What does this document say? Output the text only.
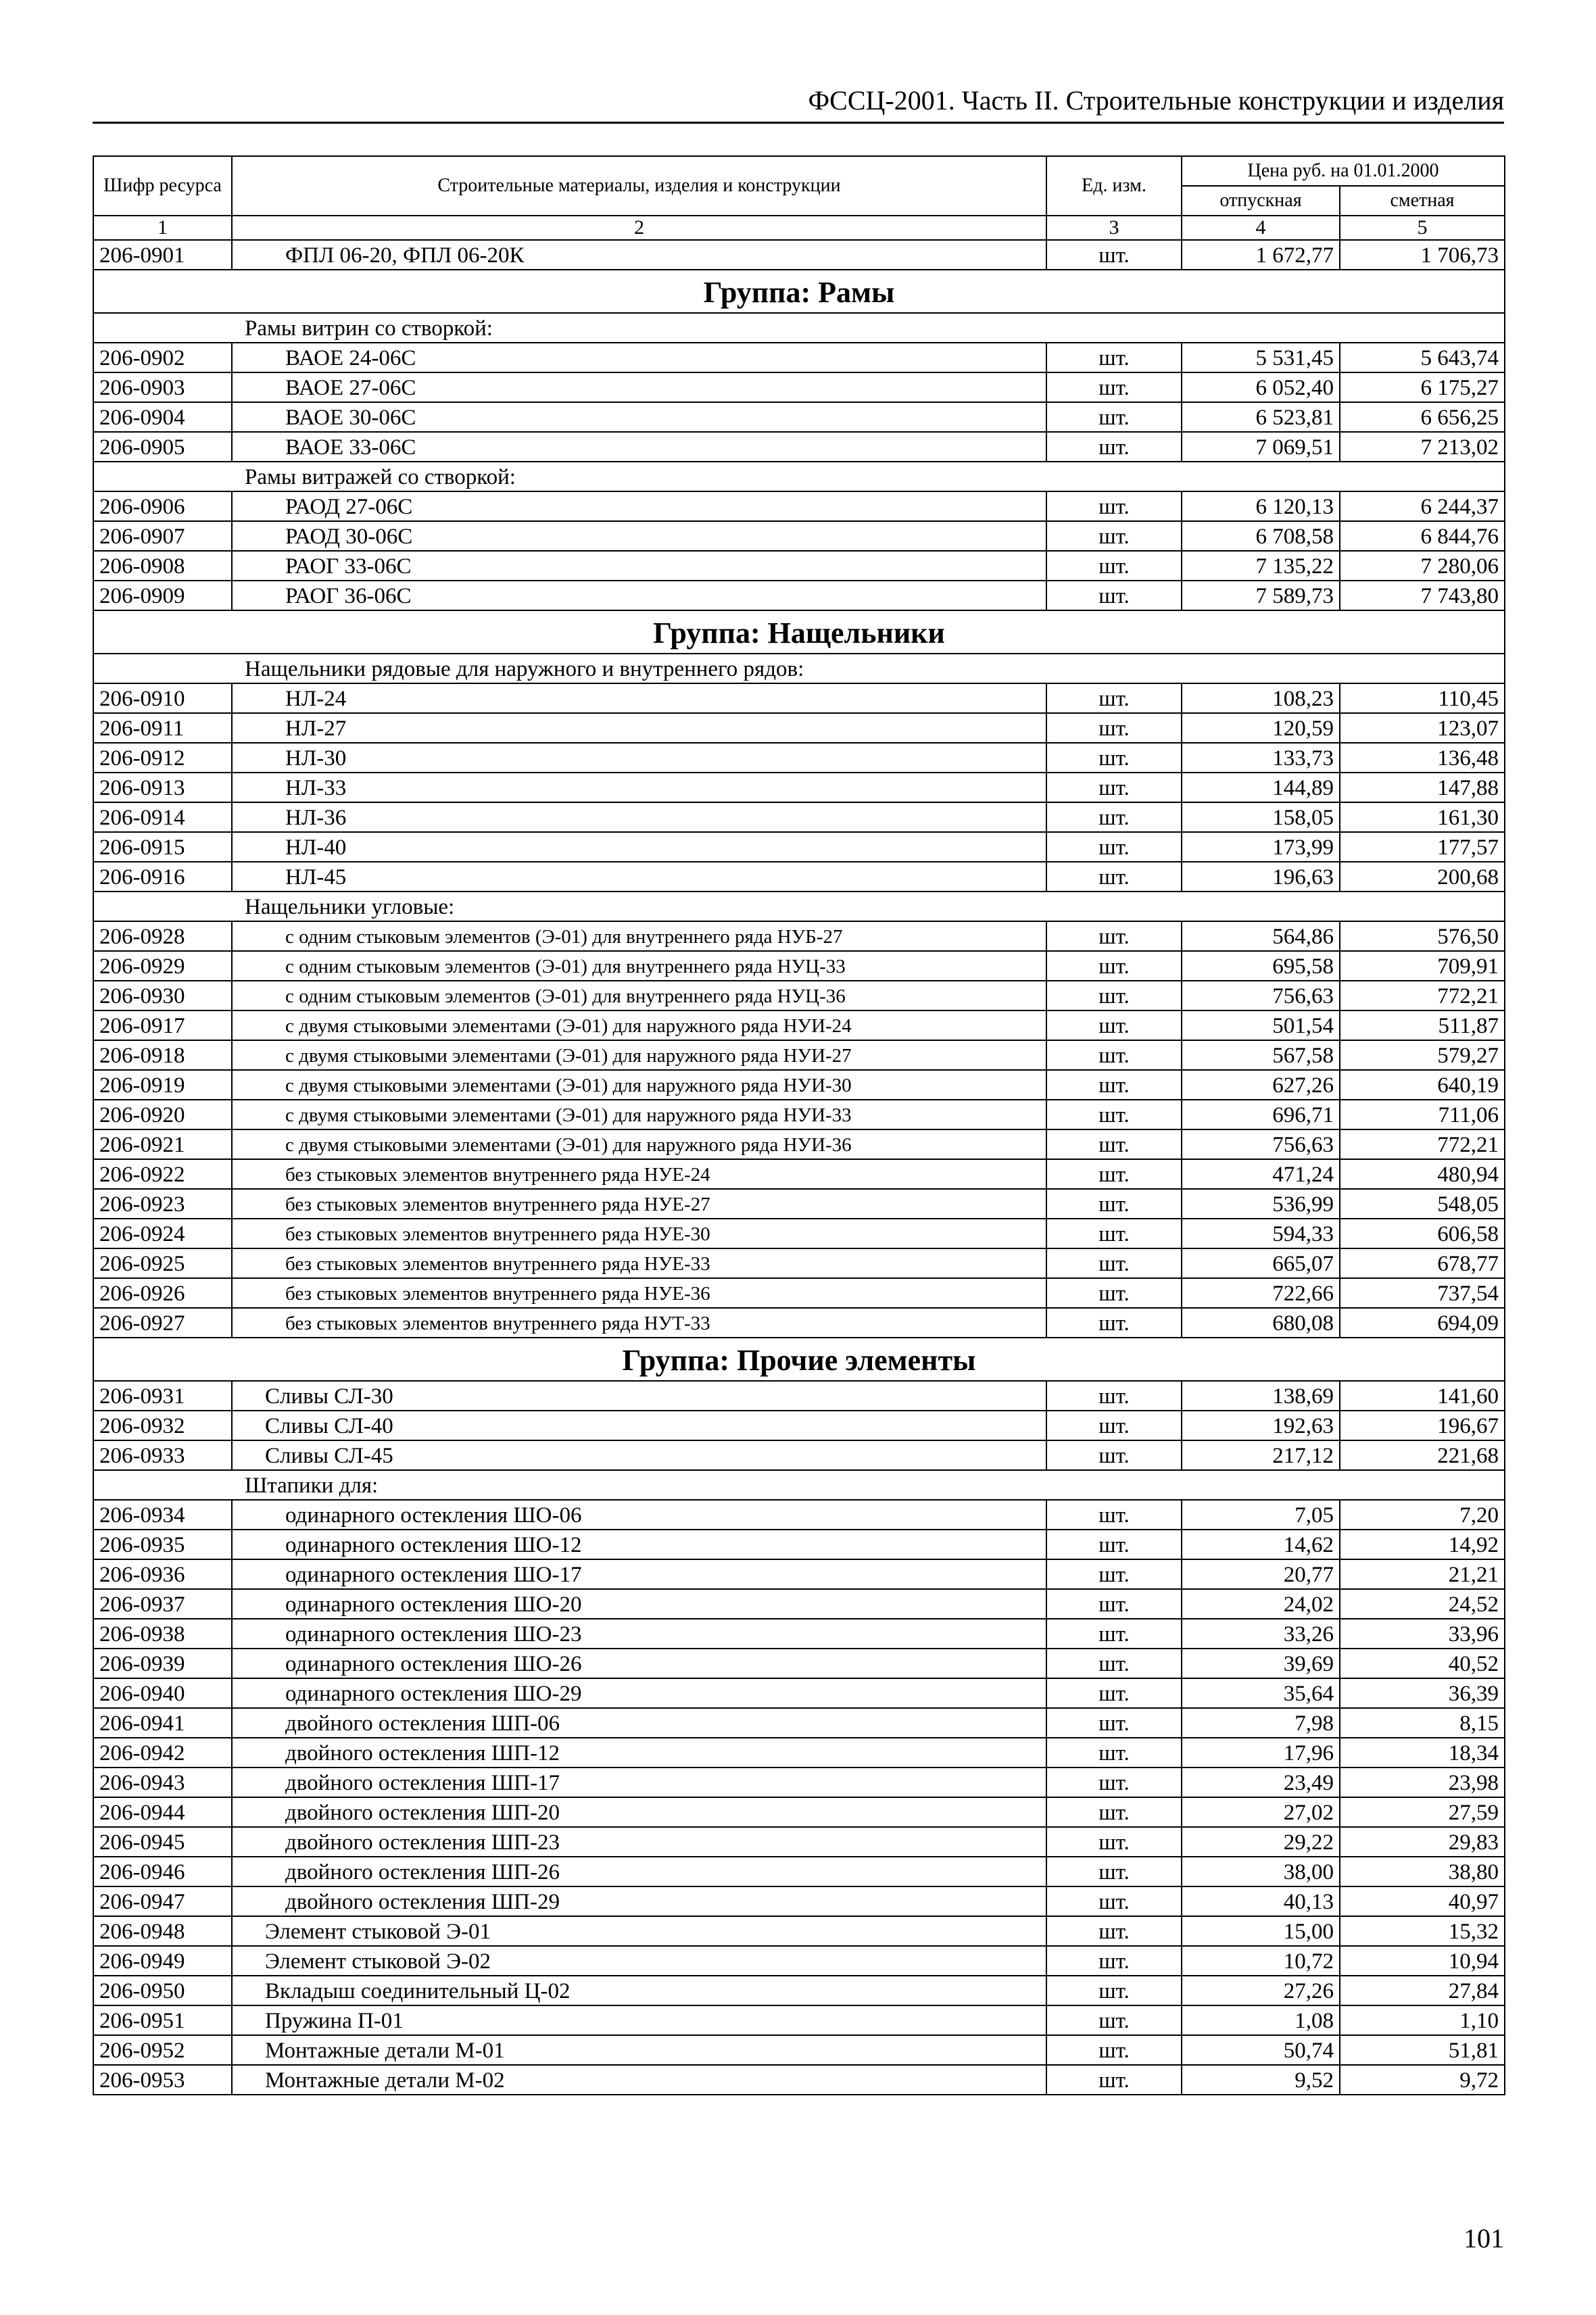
ФССЦ-2001. Часть II. Строительные конструкции и изделия
Шифр ресурса	Строительные материалы, изделия и конструкции	Ед. изм.	Цена руб. на 01.01.2000	
			отпускная	сметная
1	2	3	4	5
206-0901	ФПЛ 06-20, ФПЛ 06-20К	шт.	1 672,77	1 706,73
Группа: Рамы				
Рамы витрин со створкой:				
206-0902	ВАОЕ 24-06С	шт.	5 531,45	5 643,74
206-0903	ВАОЕ 27-06С	шт.	6 052,40	6 175,27
206-0904	ВАОЕ 30-06С	шт.	6 523,81	6 656,25
206-0905	ВАОЕ 33-06С	шт.	7 069,51	7 213,02
Рамы витражей со створкой:				
206-0906	РАОД 27-06С	шт.	6 120,13	6 244,37
206-0907	РАОД 30-06С	шт.	6 708,58	6 844,76
206-0908	РАОГ 33-06С	шт.	7 135,22	7 280,06
206-0909	РАОГ 36-06С	шт.	7 589,73	7 743,80
Группа: Нащельники				
Нащельники рядовые для наружного и внутреннего рядов:				
206-0910	НЛ-24	шт.	108,23	110,45
206-0911	НЛ-27	шт.	120,59	123,07
206-0912	НЛ-30	шт.	133,73	136,48
206-0913	НЛ-33	шт.	144,89	147,88
206-0914	НЛ-36	шт.	158,05	161,30
206-0915	НЛ-40	шт.	173,99	177,57
206-0916	НЛ-45	шт.	196,63	200,68
Нащельники угловые:				
206-0928	с одним стыковым элементов (Э-01) для внутреннего ряда НУБ-27	шт.	564,86	576,50
206-0929	с одним стыковым элементов (Э-01) для внутреннего ряда НУЦ-33	шт.	695,58	709,91
206-0930	с одним стыковым элементов (Э-01) для внутреннего ряда НУЦ-36	шт.	756,63	772,21
206-0917	с двумя стыковыми элементами (Э-01) для наружного ряда НУИ-24	шт.	501,54	511,87
206-0918	с двумя стыковыми элементами (Э-01) для наружного ряда НУИ-27	шт.	567,58	579,27
206-0919	с двумя стыковыми элементами (Э-01) для наружного ряда НУИ-30	шт.	627,26	640,19
206-0920	с двумя стыковыми элементами (Э-01) для наружного ряда НУИ-33	шт.	696,71	711,06
206-0921	с двумя стыковыми элементами (Э-01) для наружного ряда НУИ-36	шт.	756,63	772,21
206-0922	без стыковых элементов внутреннего ряда НУЕ-24	шт.	471,24	480,94
206-0923	без стыковых элементов внутреннего ряда НУЕ-27	шт.	536,99	548,05
206-0924	без стыковых элементов внутреннего ряда НУЕ-30	шт.	594,33	606,58
206-0925	без стыковых элементов внутреннего ряда НУЕ-33	шт.	665,07	678,77
206-0926	без стыковых элементов внутреннего ряда НУЕ-36	шт.	722,66	737,54
206-0927	без стыковых элементов внутреннего ряда НУТ-33	шт.	680,08	694,09
Группа: Прочие элементы				
206-0931	Сливы СЛ-30	шт.	138,69	141,60
206-0932	Сливы СЛ-40	шт.	192,63	196,67
206-0933	Сливы СЛ-45	шт.	217,12	221,68
Штапики для:				
206-0934	одинарного остекления ШО-06	шт.	7,05	7,20
206-0935	одинарного остекления ШО-12	шт.	14,62	14,92
206-0936	одинарного остекления ШО-17	шт.	20,77	21,21
206-0937	одинарного остекления ШО-20	шт.	24,02	24,52
206-0938	одинарного остекления ШО-23	шт.	33,26	33,96
206-0939	одинарного остекления ШО-26	шт.	39,69	40,52
206-0940	одинарного остекления ШО-29	шт.	35,64	36,39
206-0941	двойного остекления ШП-06	шт.	7,98	8,15
206-0942	двойного остекления ШП-12	шт.	17,96	18,34
206-0943	двойного остекления ШП-17	шт.	23,49	23,98
206-0944	двойного остекления ШП-20	шт.	27,02	27,59
206-0945	двойного остекления ШП-23	шт.	29,22	29,83
206-0946	двойного остекления ШП-26	шт.	38,00	38,80
206-0947	двойного остекления ШП-29	шт.	40,13	40,97
206-0948	Элемент стыковой Э-01	шт.	15,00	15,32
206-0949	Элемент стыковой Э-02	шт.	10,72	10,94
206-0950	Вкладыш соединительный Ц-02	шт.	27,26	27,84
206-0951	Пружина П-01	шт.	1,08	1,10
206-0952	Монтажные детали М-01	шт.	50,74	51,81
206-0953	Монтажные детали М-02	шт.	9,52	9,72
101
